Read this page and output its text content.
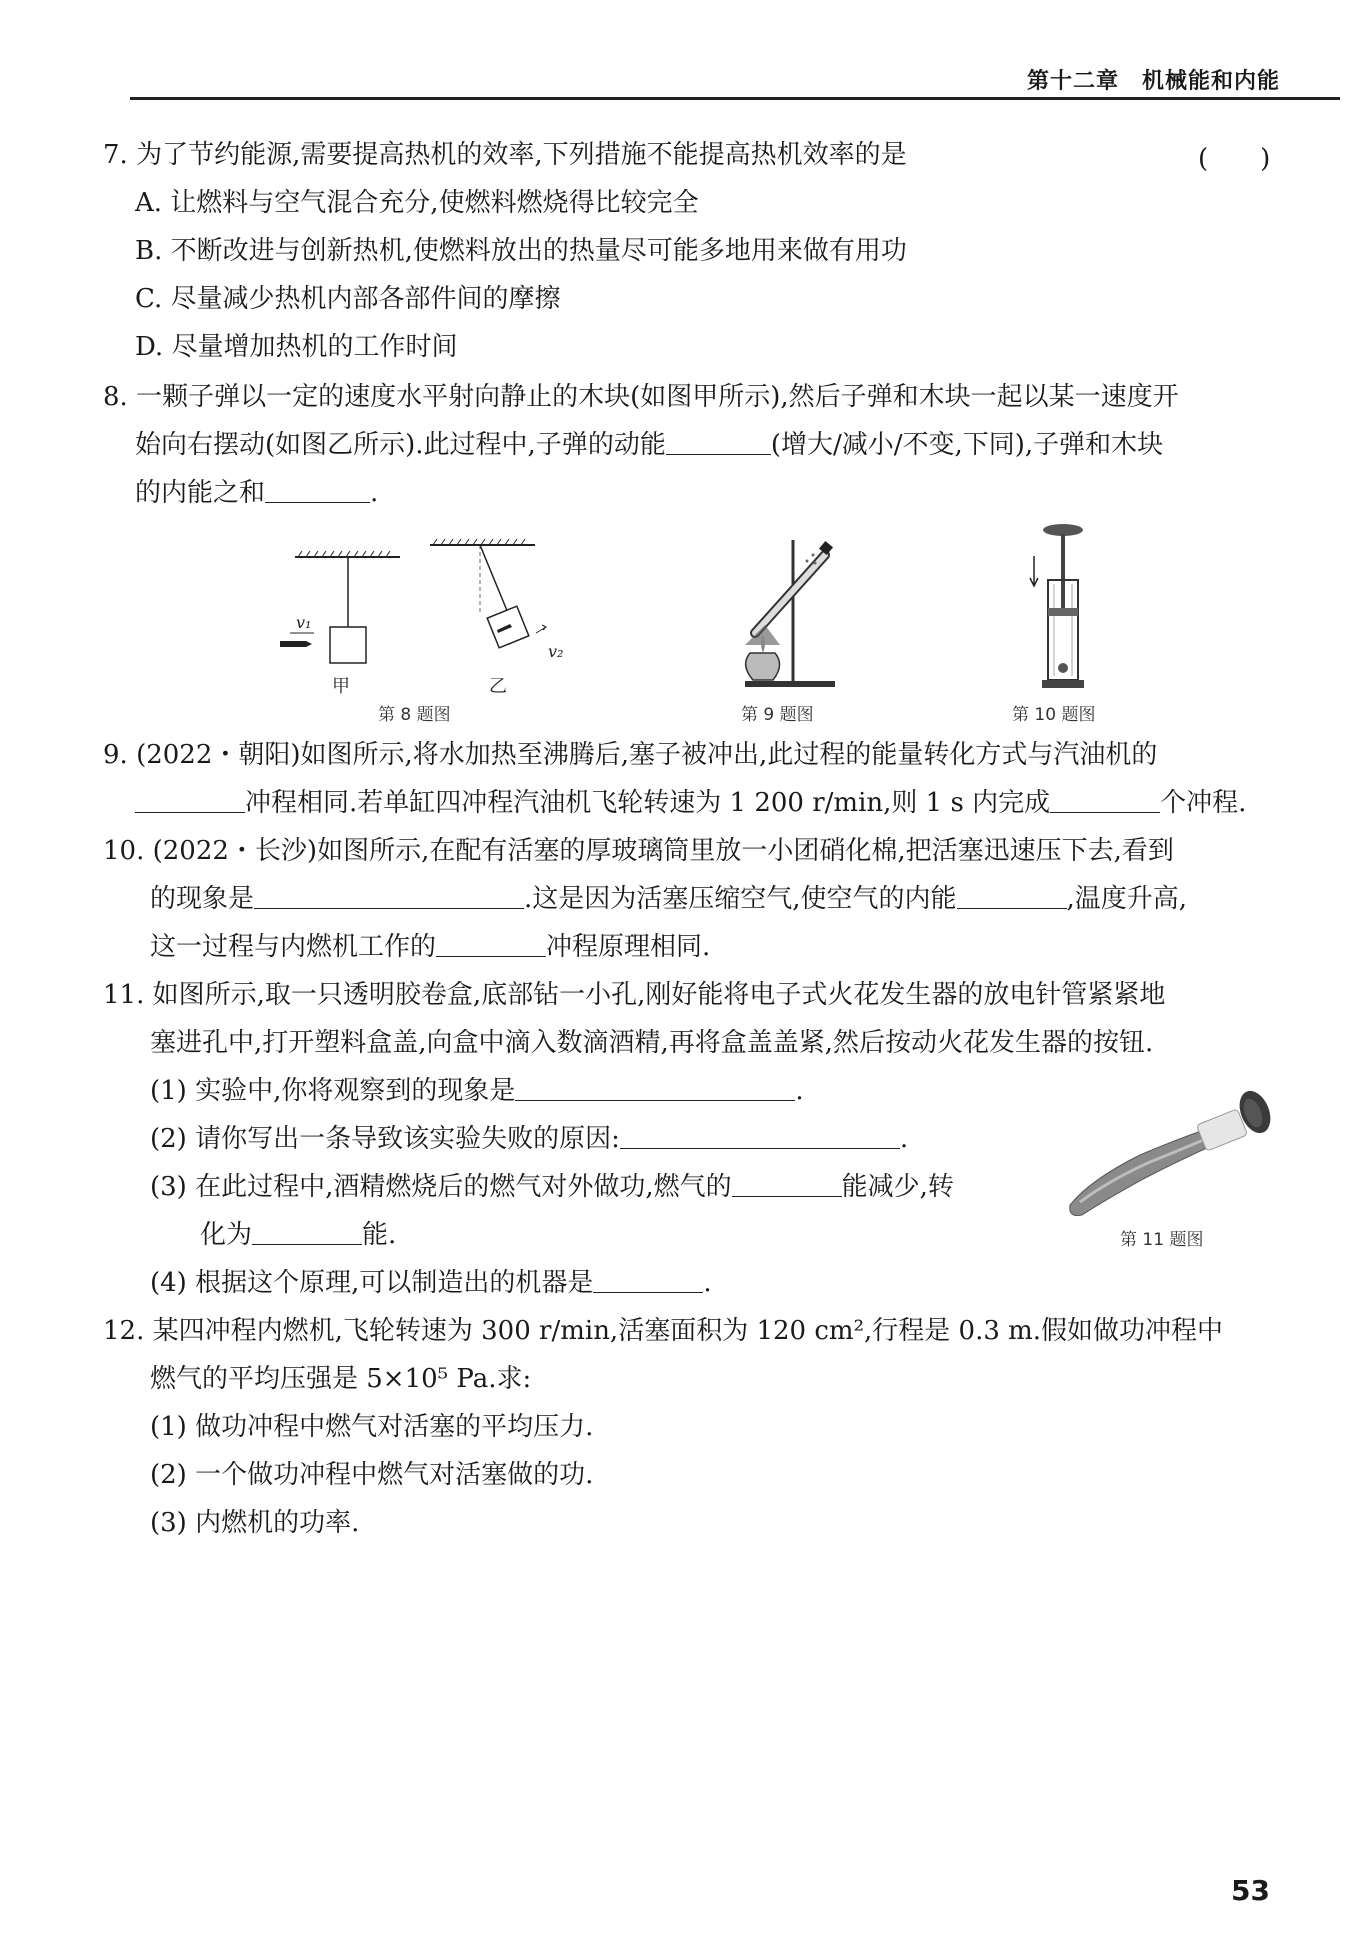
第十二章　机械能和内能
7. 为了节约能源,需要提高热机的效率,下列措施不能提高热机效率的是	(　　)
A. 让燃料与空气混合充分,使燃料燃烧得比较完全
B. 不断改进与创新热机,使燃料放出的热量尽可能多地用来做有用功
C. 尽量减少热机内部各部件间的摩擦
D. 尽量增加热机的工作时间
8. 一颗子弹以一定的速度水平射向静止的木块(如图甲所示),然后子弹和木块一起以某一速度开
始向右摆动(如图乙所示).此过程中,子弹的动能	(增大/减小/不变,下同),子弹和木块
的内能之和	.
v₁
v₂
甲	乙
第 8 题图	第 9 题图	第 10 题图
9. (2022・朝阳)如图所示,将水加热至沸腾后,塞子被冲出,此过程的能量转化方式与汽油机的
冲程相同.若单缸四冲程汽油机飞轮转速为 1 200 r/min,则 1 s 内完成	个冲程.
10. (2022・长沙)如图所示,在配有活塞的厚玻璃筒里放一小团硝化棉,把活塞迅速压下去,看到
的现象是	.这是因为活塞压缩空气,使空气的内能	,温度升高,
这一过程与内燃机工作的	冲程原理相同.
11. 如图所示,取一只透明胶卷盒,底部钻一小孔,刚好能将电子式火花发生器的放电针管紧紧地
塞进孔中,打开塑料盒盖,向盒中滴入数滴酒精,再将盒盖盖紧,然后按动火花发生器的按钮.
(1) 实验中,你将观察到的现象是	.
(2) 请你写出一条导致该实验失败的原因:	.
(3) 在此过程中,酒精燃烧后的燃气对外做功,燃气的	能减少,转
化为	能.
(4) 根据这个原理,可以制造出的机器是	.
第 11 题图
12. 某四冲程内燃机,飞轮转速为 300 r/min,活塞面积为 120 cm²,行程是 0.3 m.假如做功冲程中
燃气的平均压强是 5×10⁵ Pa.求:
(1) 做功冲程中燃气对活塞的平均压力.
(2) 一个做功冲程中燃气对活塞做的功.
(3) 内燃机的功率.
53
